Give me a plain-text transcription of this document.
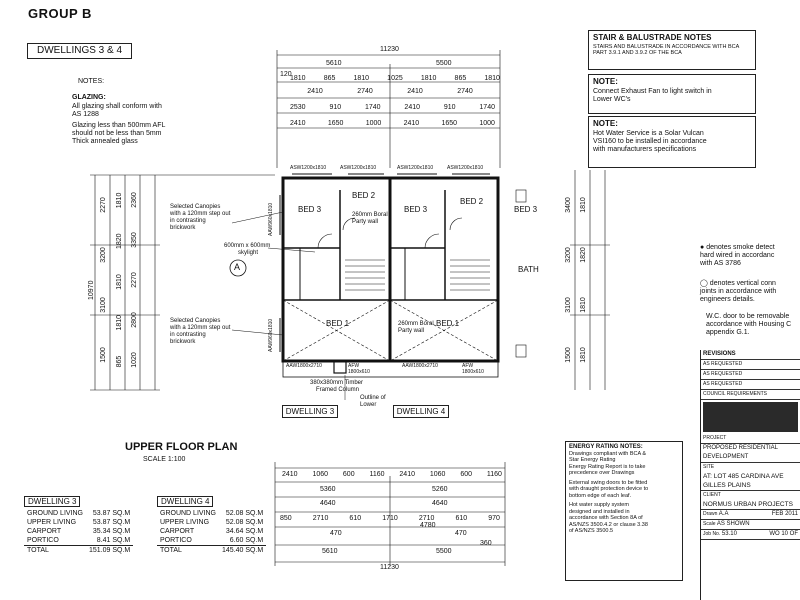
GROUP B
DWELLINGS 3 & 4
NOTES:
GLAZING:
All glazing shall conform with
AS 1288
Glazing less than 500mm AFL
should not be less than 5mm
Thick annealed glass
STAIR & BALUSTRADE NOTES
STAIRS AND BALUSTRADE IN ACCORDANCE WITH BCA
PART 3.9.1 AND 3.9.2 OF THE BCA
NOTE:
Connect Exhaust Fan to light switch in
Lower WC's
NOTE:
Hot Water Service is a Solar Vulcan
VSI160 to be installed in accordance
with manufacturers specifications
● denotes smoke detect
hard wired in accordanc
with AS 3786
◯ denotes vertical conn
joints in accordance with
engineers details.
W.C. door to be removable
accordance with Housing C
appendix G.1.
BED 3
BED 2
BED 3
BED 2
BED 3
BED 1	BED 1
BATH
260mm Boral Party wall
260mm Boral Party wall
600mm x 600mm
skylight
Selected Canopies
with a 120mm step out
in contrasting
brickwork
Selected Canopies
with a 120mm step out
in contrasting
brickwork
A
380x380mm Timber
Framed Column
Outline of
Lower
DWELLING 3	DWELLING 4
ASW1200x1810	ASW1200x1810	ASW1200x1810	ASW1200x1810
AAW960x1810
AAW960x1810
AAW1800x2710	AFW 1800x610
AAW1800x2710	AFW 1800x610
11230
5610	5500
120
1810	865	1810	1025	1810	865	1810
2410	2740	2410	2740
2530	910	1740	2410	910	1740
2410	1650	1000	2410	1650	1000
10970
2270
3200
3100
1500
1810
1820
1810
1810
865
2360
3350
2270
2800
1020
3400
3200
3100
1500
1810
1820
1810
1810
UPPER FLOOR PLAN
SCALE 1:100
DWELLING 3
GROUND LIVING	53.87 SQ.M
UPPER LIVING	53.87 SQ.M
CARPORT	35.34 SQ.M
PORTICO	8.41 SQ.M
TOTAL	151.09 SQ.M
DWELLING 4
GROUND LIVING	52.08 SQ.M
UPPER LIVING	52.08 SQ.M
CARPORT	34.64 SQ.M
PORTICO	6.60 SQ.M
TOTAL	145.40 SQ.M
2410 1060 600 1160 2410 1060 600 1160
5360	5260
4640	4640
850	2710	610	1710	2710	610	970
470
4780
470
5610	5500
360
11230
ENERGY RATING NOTES:
Drawings compliant with BCA &
Star Energy Rating
Energy Rating Report is to take
precedence over Drawings
External swing doors to be fitted
with draught protection device to
bottom edge of each leaf.
Hot water supply system
designed and installed in
accordance with Section 8A of
AS/NZS 3500.4.2 or clause 3.38
of AS/NZS 3500.5
REVISIONS
AS REQUESTED
AS REQUESTED
AS REQUESTED
COUNCIL REQUIREMENTS
PROJECT
PROPOSED RESIDENTIAL
DEVELOPMENT
SITE
AT: LOT 485 CARDINA AVE
GILLES PLAINS
CLIENT
NORMUS URBAN PROJECTS
Drawn A.A	FEB 2011
Scale AS SHOWN
Job No. 53.10	WO 10 OF
